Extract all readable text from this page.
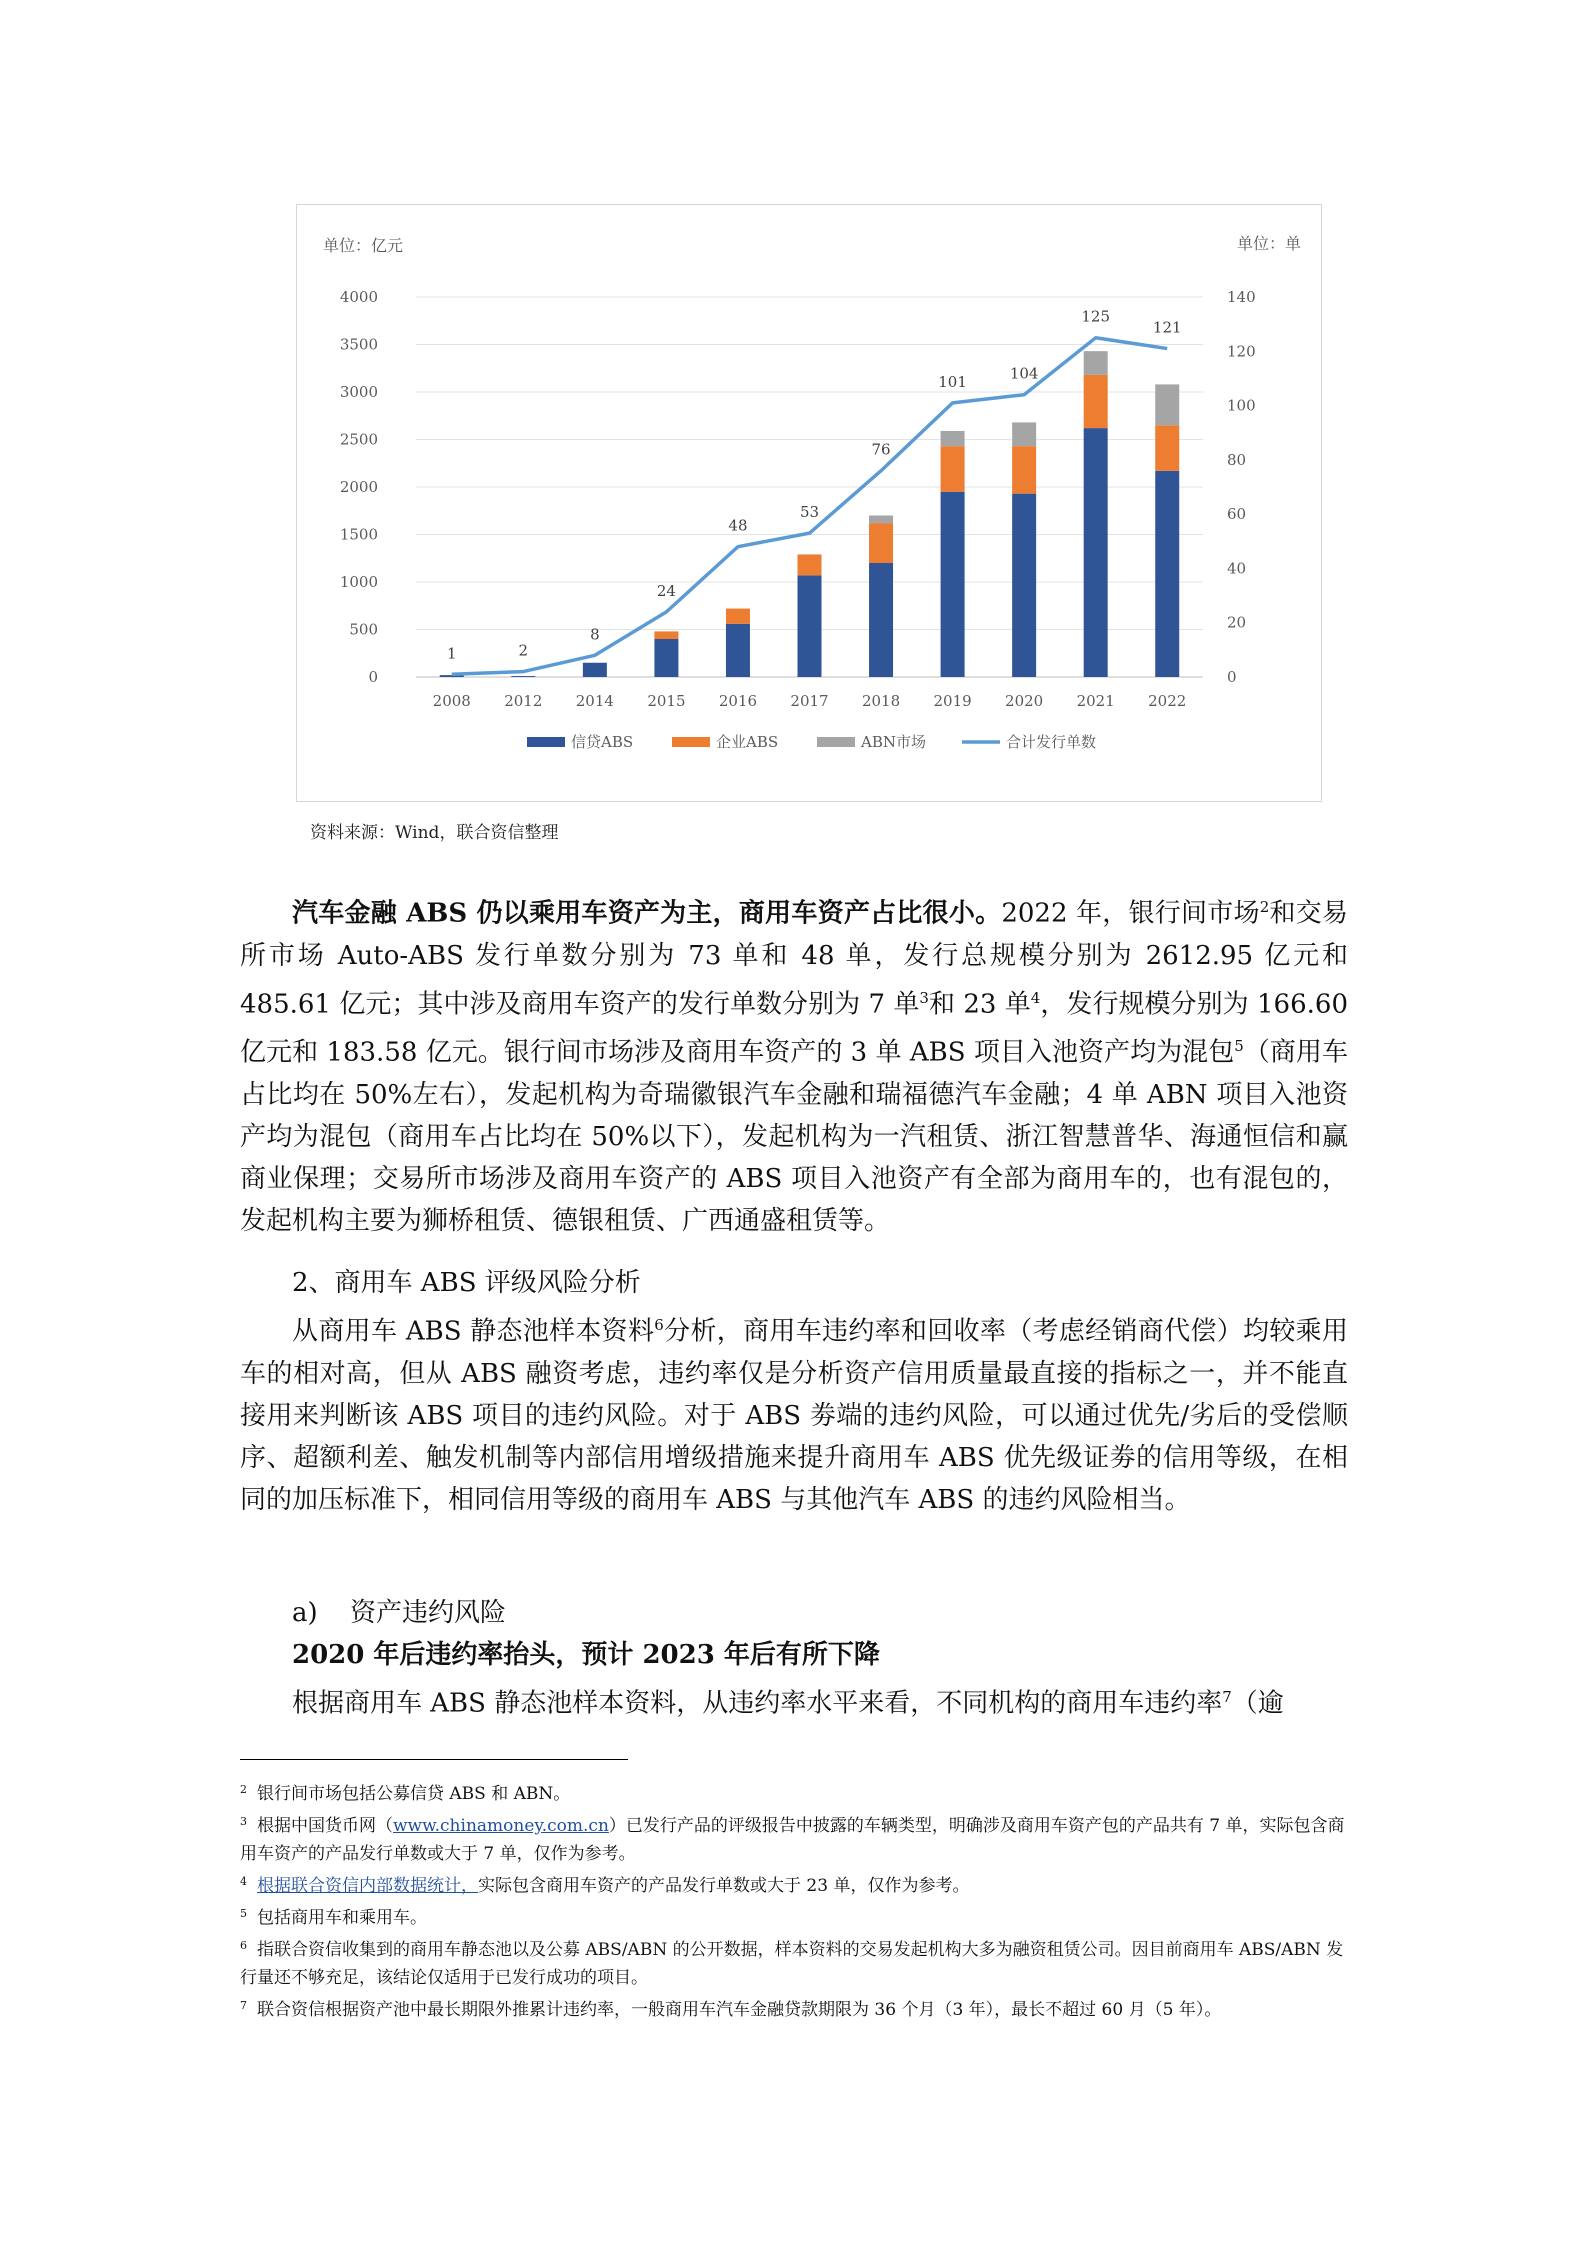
单位：亿元	单位：单
4000
3500
3000
2500
2000
1500
1000
500
0
140
120
100
80
60
40
20
0
2008 2012 2014 2015 2016 2017 2018 2019 2020 2021 2022
1	2
8
24
48
53
76
101	104
125
121
信贷ABS	企业ABS	ABN市场	合计发行单数
资料来源：Wind，联合资信整理

汽车金融 ABS 仍以乘用车资产为主，商用车资产占比很小。2022 年，银行间市场$^2$和交易所市场 Auto-ABS 发行单数分别为 73 单和 48 单，发行总规模分别为 2612.95 亿元和 485.61 亿元；其中涉及商用车资产的发行单数分别为 7 单$^3$和 23 单$^4$，发行规模分别为 166.60 亿元和 183.58 亿元。银行间市场涉及商用车资产的 3 单 ABS 项目入池资产均为混包$^5$（商用车占比均在 50%左右），发起机构为奇瑞徽银汽车金融和瑞福德汽车金融；4 单 ABN 项目入池资产均为混包（商用车占比均在 50%以下），发起机构为一汽租赁、浙江智慧普华、海通恒信和赢商业保理；交易所市场涉及商用车资产的 ABS 项目入池资产有全部为商用车的，也有混包的，发起机构主要为狮桥租赁、德银租赁、广西通盛租赁等。

2、商用车 ABS 评级风险分析

从商用车 ABS 静态池样本资料$^6$分析，商用车违约率和回收率（考虑经销商代偿）均较乘用车的相对高，但从 ABS 融资考虑，违约率仅是分析资产信用质量最直接的指标之一，并不能直接用来判断该 ABS 项目的违约风险。对于 ABS 劵端的违约风险，可以通过优先/劣后的受偿顺序、超额利差、触发机制等内部信用增级措施来提升商用车 ABS 优先级证劵的信用等级，在相同的加压标准下，相同信用等级的商用车 ABS 与其他汽车 ABS 的违约风险相当。

a) 资产违约风险
2020 年后违约率抬头，预计 2023 年后有所下降

根据商用车 ABS 静态池样本资料，从违约率水平来看，不同机构的商用车违约率$^7$（逾

$^2$ 银行间市场包括公募信贷 ABS 和 ABN。

$^3$ 根据中国货币网（www.chinamoney.com.cn）已发行产品的评级报告中披露的车辆类型，明确涉及商用车资产包的产品共有 7 单，实际包含商用车资产的产品发行单数或大于 7 单，仅作为参考。

$^4$ 根据联合资信内部数据统计，实际包含商用车资产的产品发行单数或大于 23 单，仅作为参考。

$^5$ 包括商用车和乘用车。

$^6$ 指联合资信收集到的商用车静态池以及公募 ABS/ABN 的公开数据，样本资料的交易发起机构大多为融资租赁公司。因目前商用车 ABS/ABN 发行量还不够充足，该结论仅适用于已发行成功的项目。

$^7$ 联合资信根据资产池中最长期限外推累计违约率，一般商用车汽车金融贷款期限为 36 个月（3 年），最长不超过 60 月（5 年）。
